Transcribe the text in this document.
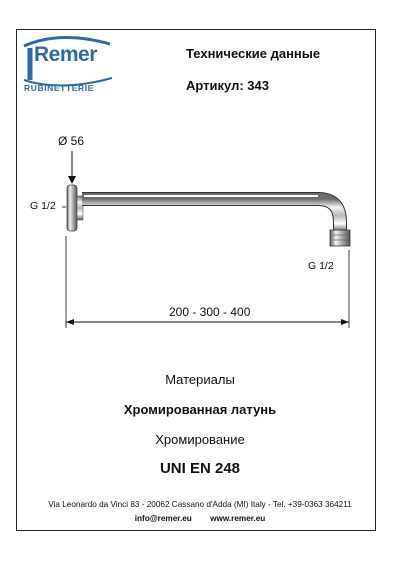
Remer
RUBINETTERIE
Технические данные
Артикул: 343
Ø 56
G 1/2
G 1/2
200 - 300 - 400
Материалы
Хромированная латунь
Хромирование
UNI EN 248
Via Leonardo da Vinci 83 - 20062 Cassano d'Adda (MI) Italy - Tel. +39-0363 364211
info@remer.eu www.remer.eu
